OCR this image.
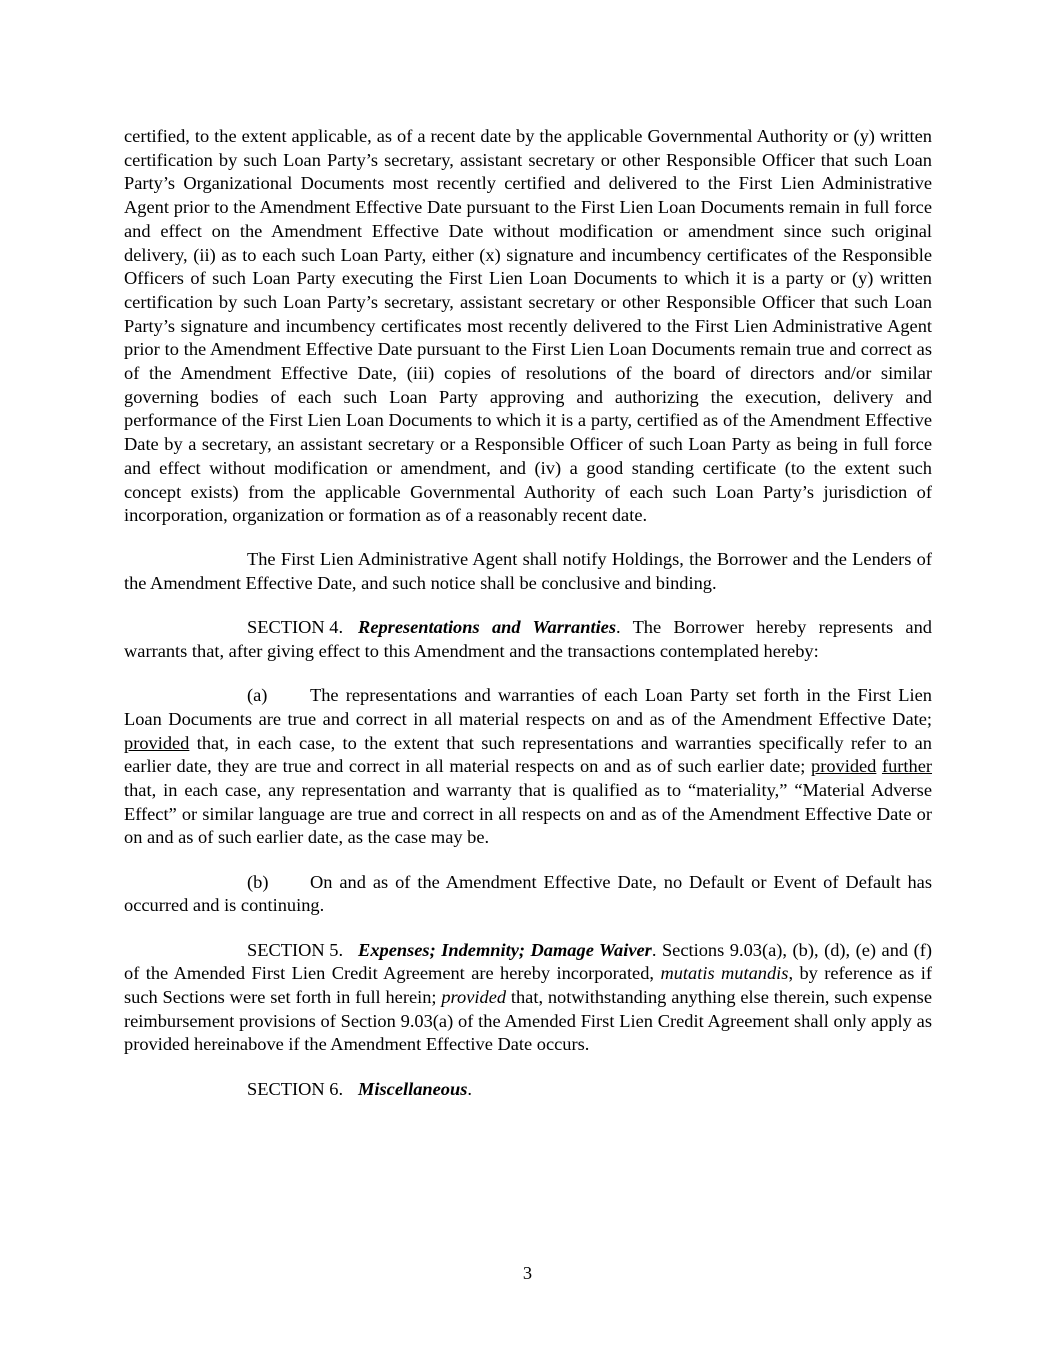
certified, to the extent applicable, as of a recent date by the applicable Governmental Authority or (y) written certification by such Loan Party’s secretary, assistant secretary or other Responsible Officer that such Loan Party’s Organizational Documents most recently certified and delivered to the First Lien Administrative Agent prior to the Amendment Effective Date pursuant to the First Lien Loan Documents remain in full force and effect on the Amendment Effective Date without modification or amendment since such original delivery, (ii) as to each such Loan Party, either (x) signature and incumbency certificates of the Responsible Officers of such Loan Party executing the First Lien Loan Documents to which it is a party or (y) written certification by such Loan Party’s secretary, assistant secretary or other Responsible Officer that such Loan Party’s signature and incumbency certificates most recently delivered to the First Lien Administrative Agent prior to the Amendment Effective Date pursuant to the First Lien Loan Documents remain true and correct as of the Amendment Effective Date, (iii) copies of resolutions of the board of directors and/or similar governing bodies of each such Loan Party approving and authorizing the execution, delivery and performance of the First Lien Loan Documents to which it is a party, certified as of the Amendment Effective Date by a secretary, an assistant secretary or a Responsible Officer of such Loan Party as being in full force and effect without modification or amendment, and (iv) a good standing certificate (to the extent such concept exists) from the applicable Governmental Authority of each such Loan Party’s jurisdiction of incorporation, organization or formation as of a reasonably recent date.

The First Lien Administrative Agent shall notify Holdings, the Borrower and the Lenders of the Amendment Effective Date, and such notice shall be conclusive and binding.

SECTION 4. Representations and Warranties. The Borrower hereby represents and warrants that, after giving effect to this Amendment and the transactions contemplated hereby:

(a) The representations and warranties of each Loan Party set forth in the First Lien Loan Documents are true and correct in all material respects on and as of the Amendment Effective Date; provided that, in each case, to the extent that such representations and warranties specifically refer to an earlier date, they are true and correct in all material respects on and as of such earlier date; provided further that, in each case, any representation and warranty that is qualified as to “materiality,” “Material Adverse Effect” or similar language are true and correct in all respects on and as of the Amendment Effective Date or on and as of such earlier date, as the case may be.

(b) On and as of the Amendment Effective Date, no Default or Event of Default has occurred and is continuing.

SECTION 5. Expenses; Indemnity; Damage Waiver. Sections 9.03(a), (b), (d), (e) and (f) of the Amended First Lien Credit Agreement are hereby incorporated, mutatis mutandis, by reference as if such Sections were set forth in full herein; provided that, notwithstanding anything else therein, such expense reimbursement provisions of Section 9.03(a) of the Amended First Lien Credit Agreement shall only apply as provided hereinabove if the Amendment Effective Date occurs.

SECTION 6. Miscellaneous.

3
